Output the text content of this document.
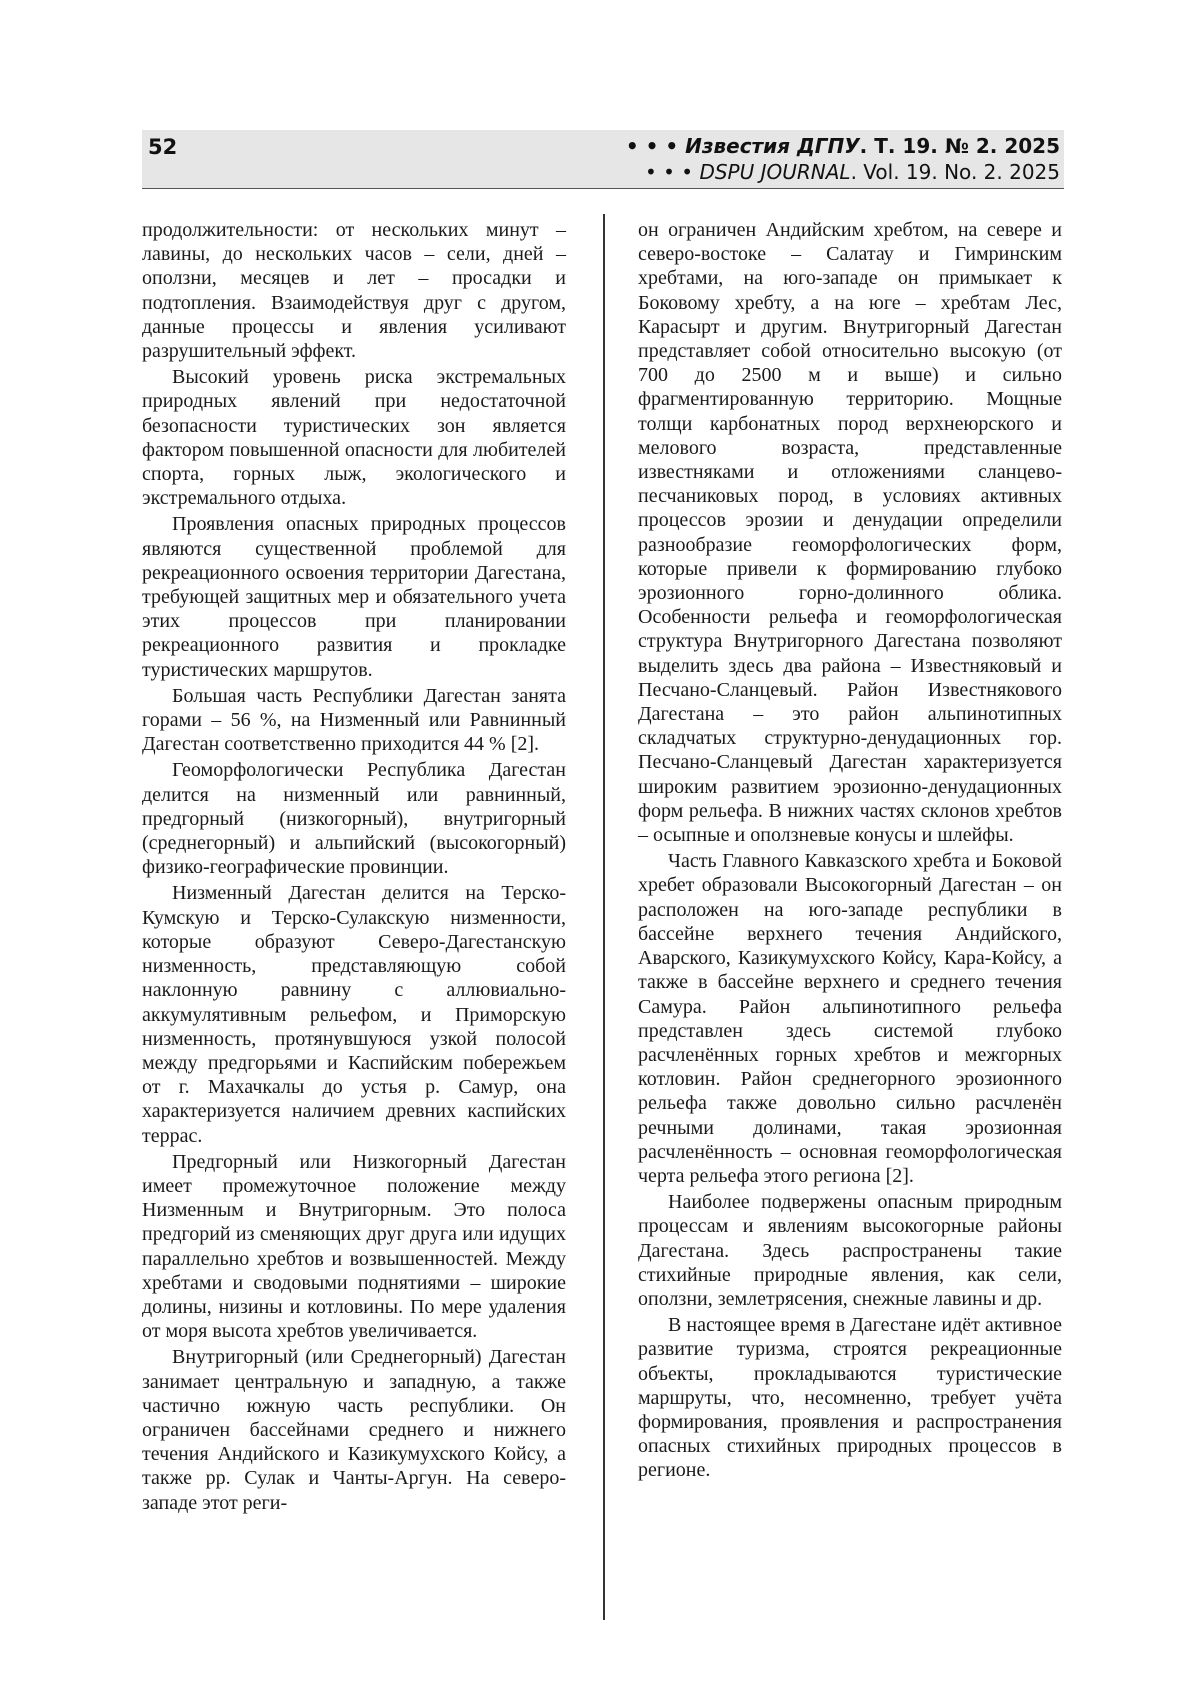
52	• • • Известия ДГПУ. Т. 19. № 2. 2025
• • • DSPU JOURNAL. Vol. 19. No. 2. 2025

продолжительности: от нескольких минут – лавины, до нескольких часов – сели, дней – оползни, месяцев и лет – просадки и подтопления. Взаимодействуя друг с другом, данные процессы и явления усиливают разрушительный эффект.

Высокий уровень риска экстремальных природных явлений при недостаточной безопасности туристических зон является фактором повышенной опасности для любителей спорта, горных лыж, экологического и экстремального отдыха.

Проявления опасных природных процессов являются существенной проблемой для рекреационного освоения территории Дагестана, требующей защитных мер и обязательного учета этих процессов при планировании рекреационного развития и прокладке туристических маршрутов.

Большая часть Республики Дагестан занята горами – 56 %, на Низменный или Равнинный Дагестан соответственно приходится 44 % [2].

Геоморфологически Республика Дагестан делится на низменный или равнинный, предгорный (низкогорный), внутригорный (среднегорный) и альпийский (высокогорный) физико-географические провинции.

Низменный Дагестан делится на Терско-Кумскую и Терско-Сулакскую низменности, которые образуют Северо-Дагестанскую низменность, представляющую собой наклонную равнину с аллювиально-аккумулятивным рельефом, и Приморскую низменность, протянувшуюся узкой полосой между предгорьями и Каспийским побережьем от г. Махачкалы до устья р. Самур, она характеризуется наличием древних каспийских террас.

Предгорный или Низкогорный Дагестан имеет промежуточное положение между Низменным и Внутригорным. Это полоса предгорий из сменяющих друг друга или идущих параллельно хребтов и возвышенностей. Между хребтами и сводовыми поднятиями – широкие долины, низины и котловины. По мере удаления от моря высота хребтов увеличивается.

Внутригорный (или Среднегорный) Дагестан занимает центральную и западную, а также частично южную часть республики. Он ограничен бассейнами среднего и нижнего течения Андийского и Казикумухского Койсу, а также рр. Сулак и Чанты-Аргун. На северо-западе этот реги-

он ограничен Андийским хребтом, на севере и северо-востоке – Салатау и Гимринским хребтами, на юго-западе он примыкает к Боковому хребту, а на юге – хребтам Лес, Карасырт и другим. Внутригорный Дагестан представляет собой относительно высокую (от 700 до 2500 м и выше) и сильно фрагментированную территорию. Мощные толщи карбонатных пород верхнеюрского и мелового возраста, представленные известняками и отложениями сланцево-песчаниковых пород, в условиях активных процессов эрозии и денудации определили разнообразие геоморфологических форм, которые привели к формированию глубоко эрозионного горно-долинного облика. Особенности рельефа и геоморфологическая структура Внутригорного Дагестана позволяют выделить здесь два района – Известняковый и Песчано-Сланцевый. Район Известнякового Дагестана – это район альпинотипных складчатых структурно-денудационных гор. Песчано-Сланцевый Дагестан характеризуется широким развитием эрозионно-денудационных форм рельефа. В нижних частях склонов хребтов – осыпные и оползневые конусы и шлейфы.

Часть Главного Кавказского хребта и Боковой хребет образовали Высокогорный Дагестан – он расположен на юго-западе республики в бассейне верхнего течения Андийского, Аварского, Казикумухского Койсу, Кара-Койсу, а также в бассейне верхнего и среднего течения Самура. Район альпинотипного рельефа представлен здесь системой глубоко расчленённых горных хребтов и межгорных котловин. Район среднегорного эрозионного рельефа также довольно сильно расчленён речными долинами, такая эрозионная расчленённость – основная геоморфологическая черта рельефа этого региона [2].

Наиболее подвержены опасным природным процессам и явлениям высокогорные районы Дагестана. Здесь распространены такие стихийные природные явления, как сели, оползни, землетрясения, снежные лавины и др.

В настоящее время в Дагестане идёт активное развитие туризма, строятся рекреационные объекты, прокладываются туристические маршруты, что, несомненно, требует учёта формирования, проявления и распространения опасных стихийных природных процессов в регионе.
